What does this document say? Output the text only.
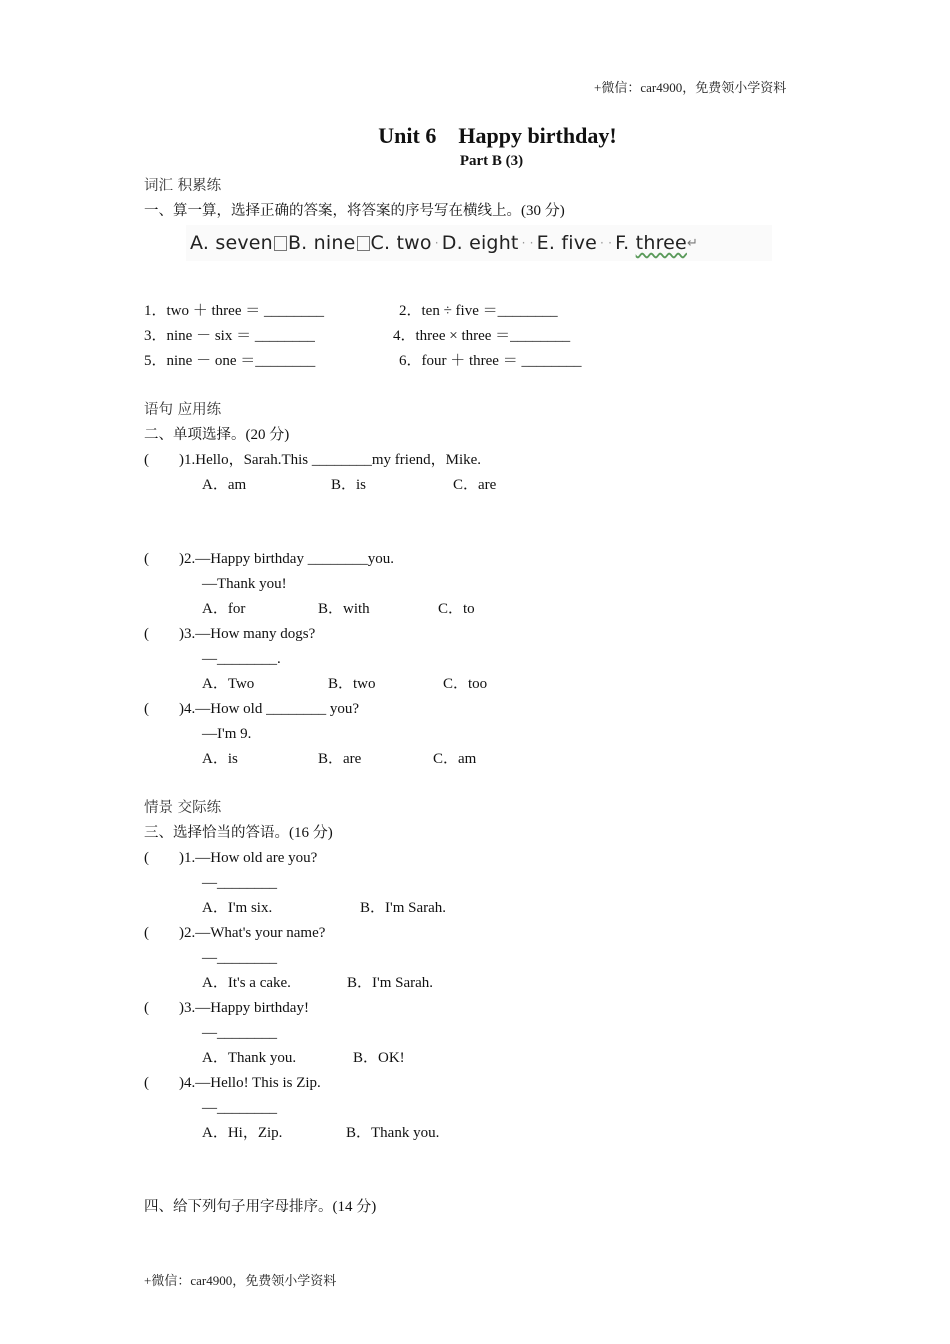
+微信：car4900，免费领小学资料
+微信：car4900，免费领小学资料
Unit 6    Happy birthday!
Part B (3)
词汇 积累练
一、算一算，选择正确的答案，将答案的序号写在横线上。(30 分)
A. seven B. nine C. two · D. eight · · E. five · · F. three ↵
1．two ＋ three ＝ ________	2．ten ÷ five ＝________
3．nine － six ＝ ________	4．three × three ＝________
5．nine － one ＝________	6．four ＋ three ＝ ________
语句 应用练
二、单项选择。(20 分)
(        )1.Hello，Sarah.This ________my friend，Mike.
A．am	B．is	C．are
(        )2.—Happy birthday ________you.
—Thank you!
A．for	B．with	C．to
(        )3.—How many dogs?
—________.
A．Two	B．two	C．too
(        )4.—How old ________ you?
—I'm 9.
A．is	B．are	C．am
情景 交际练
三、选择恰当的答语。(16 分)
(        )1.—How old are you?
—________
A．I'm six.	B．I'm Sarah.
(        )2.—What's your name?
—________
A．It's a cake.	B．I'm Sarah.
(        )3.—Happy birthday!
—________
A．Thank you.	B．OK!
(        )4.—Hello! This is Zip.
—________
A．Hi，Zip.	B．Thank you.
四、给下列句子用字母排序。(14 分)
